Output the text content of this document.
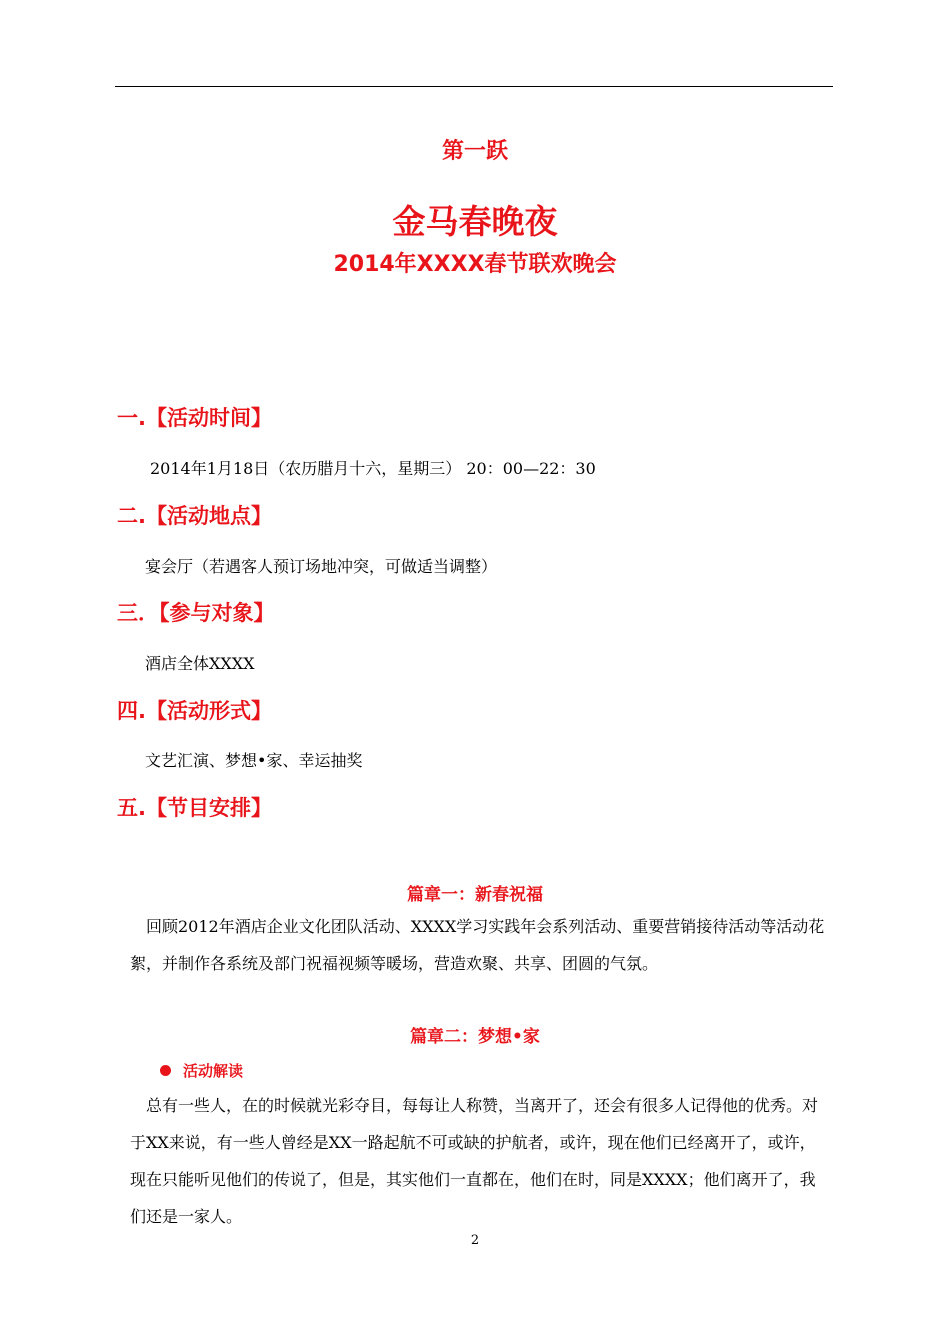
第一跃
金马春晚夜
2014年XXXX春节联欢晚会
一.【活动时间】
2014年1月18日（农历腊月十六，星期三） 20：00—22：30
二.【活动地点】
宴会厅（若遇客人预订场地冲突，可做适当调整）
三．【参与对象】
酒店全体XXXX
四.【活动形式】
文艺汇演、梦想•家、幸运抽奖
五.【节目安排】
篇章一：新春祝福

回顾2012年酒店企业文化团队活动、XXXX学习实践年会系列活动、重要营销接待活动等活动花絮，并制作各系统及部门祝福视频等暖场，营造欢聚、共享、团圆的气氛。

篇章二：梦想•家
活动解读

总有一些人，在的时候就光彩夺目，每每让人称赞，当离开了，还会有很多人记得他的优秀。对于XX来说，有一些人曾经是XX一路起航不可或缺的护航者，或许，现在他们已经离开了，或许，现在只能听见他们的传说了，但是，其实他们一直都在，他们在时，同是XXXX；他们离开了，我们还是一家人。

2
